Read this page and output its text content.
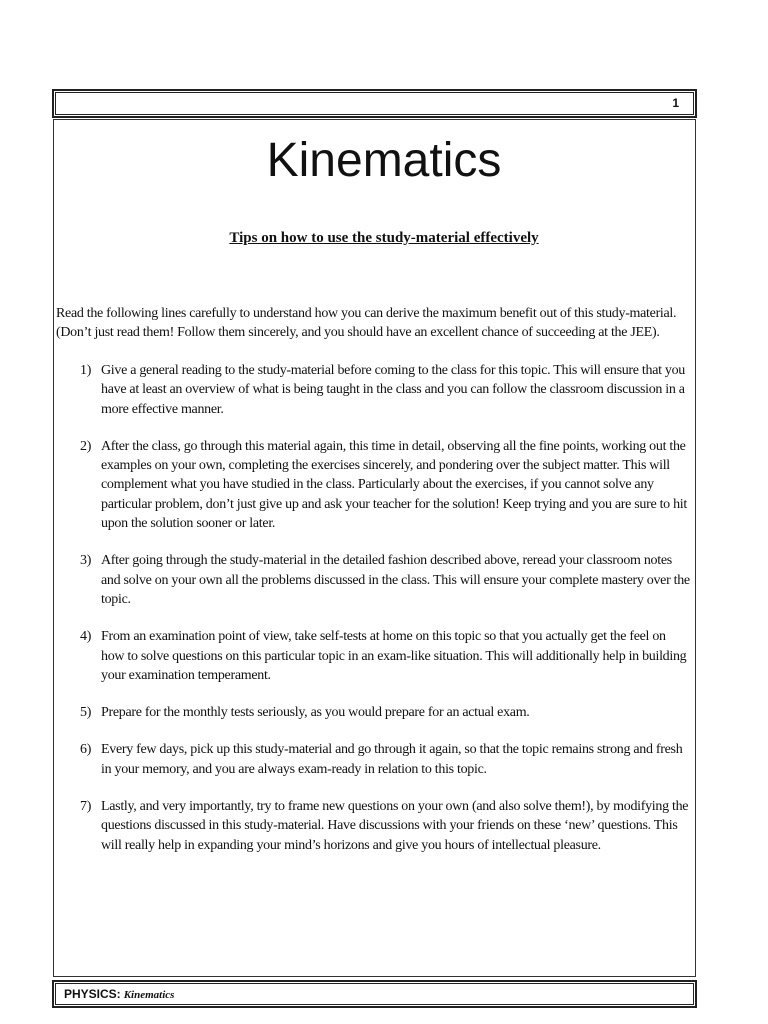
1
Kinematics
Tips on how to use the study-material effectively
Read the following lines carefully to understand how you can derive the maximum benefit out of this study-material.
(Don’t just read them! Follow them sincerely, and you should have an excellent chance of succeeding at the JEE).
1) Give a general reading to the study-material before coming to the class for this topic. This will ensure that you have at least an overview of what is being taught in the class and you can follow the classroom discussion in a more effective manner.
2) After the class, go through this material again, this time in detail, observing all the fine points, working out the examples on your own, completing the exercises sincerely, and pondering over the subject matter. This will complement what you have studied in the class. Particularly about the exercises, if you cannot solve any particular problem, don’t just give up and ask your teacher for the solution! Keep trying and you are sure to hit upon the solution sooner or later.
3) After going through the study-material in the detailed fashion described above, reread your classroom notes and solve on your own all the problems discussed in the class. This will ensure your complete mastery over the topic.
4) From an examination point of view, take self-tests at home on this topic so that you actually get the feel on how to solve questions on this particular topic in an exam-like situation. This will additionally help in building your examination temperament.
5) Prepare for the monthly tests seriously, as you would prepare for an actual exam.
6) Every few days, pick up this study-material and go through it again, so that the topic remains strong and fresh in your memory, and you are always exam-ready in relation to this topic.
7) Lastly, and very importantly, try to frame new questions on your own (and also solve them!), by modifying the questions discussed in this study-material. Have discussions with your friends on these ‘new’ questions. This will really help in expanding your mind’s horizons and give you hours of intellectual pleasure.
PHYSICS: Kinematics
